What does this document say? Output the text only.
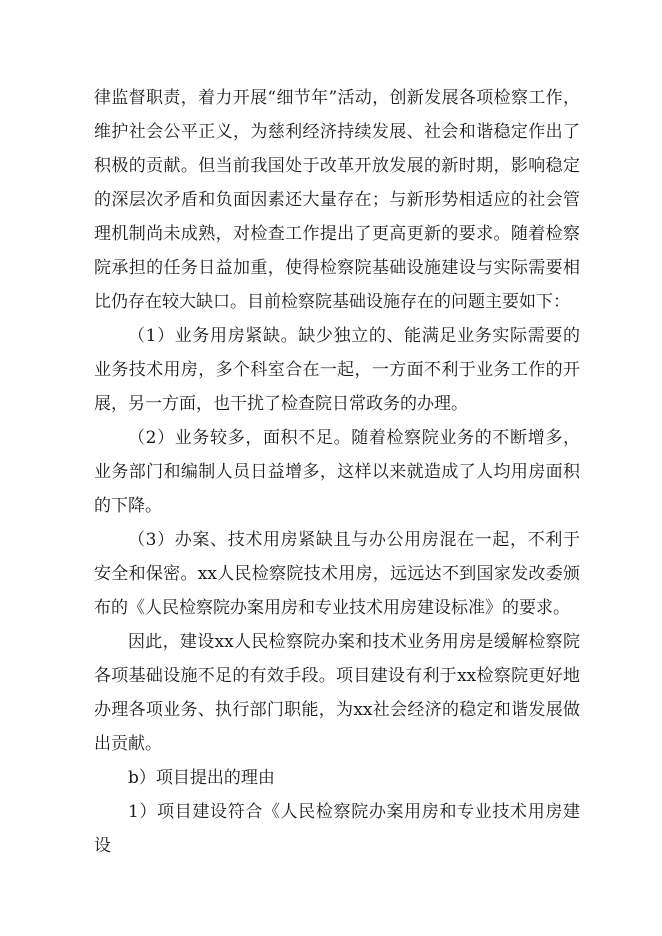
律监督职责，着力开展“细节年”活动，创新发展各项检察工作，维护社会公平正义，为慈利经济持续发展、社会和谐稳定作出了积极的贡献。但当前我国处于改革开放发展的新时期，影响稳定的深层次矛盾和负面因素还大量存在；与新形势相适应的社会管理机制尚未成熟，对检查工作提出了更高更新的要求。随着检察院承担的任务日益加重，使得检察院基础设施建设与实际需要相比仍存在较大缺口。目前检察院基础设施存在的问题主要如下：

（1）业务用房紧缺。缺少独立的、能满足业务实际需要的业务技术用房，多个科室合在一起，一方面不利于业务工作的开展，另一方面，也干扰了检查院日常政务的办理。

（2）业务较多，面积不足。随着检察院业务的不断增多，业务部门和编制人员日益增多，这样以来就造成了人均用房面积的下降。

（3）办案、技术用房紧缺且与办公用房混在一起，不利于安全和保密。xx人民检察院技术用房，远远达不到国家发改委颁布的《人民检察院办案用房和专业技术用房建设标准》的要求。

因此，建设xx人民检察院办案和技术业务用房是缓解检察院各项基础设施不足的有效手段。项目建设有利于xx检察院更好地办理各项业务、执行部门职能，为xx社会经济的稳定和谐发展做出贡献。

b）项目提出的理由

1）项目建设符合《人民检察院办案用房和专业技术用房建设
